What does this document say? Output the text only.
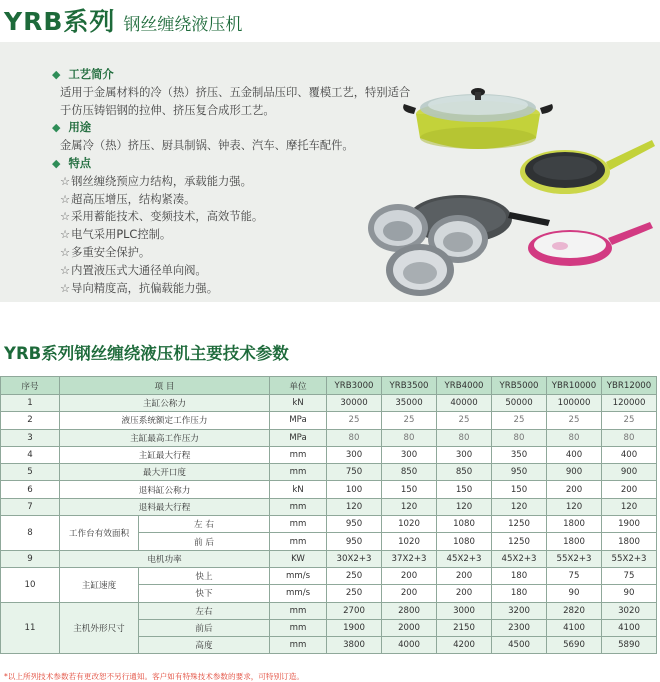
YRB系列 钢丝缠绕液压机
◆ 工艺简介
适用于金属材料的冷（热）挤压、五金制品压印、覆模工艺，特别适合
于仿压铸铝钢的拉伸、挤压复合成形工艺。
◆ 用途
金属冷（热）挤压、厨具制锅、钟表、汽车、摩托车配件。
◆ 特点
☆ 钢丝缠绕预应力结构，承载能力强。
☆ 超高压增压，结构紧凑。
☆ 采用蓄能技术、变频技术，高效节能。
☆ 电气采用PLC控制。
☆ 多重安全保护。
☆ 内置液压式大通径单向阀。
☆ 导向精度高，抗偏载能力强。
YRB系列钢丝缠绕液压机主要技术参数
序号	项 目		单位	YRB3000	YRB3500	YRB4000	YRB5000	YBR10000	YBR12000
1	主缸公称力		kN	30000	35000	40000	50000	100000	120000
2	液压系统额定工作压力		MPa	25	25	25	25	25	25
3	主缸最高工作压力		MPa	80	80	80	80	80	80
4	主缸最大行程		mm	300	300	300	350	400	400
5	最大开口度		mm	750	850	850	950	900	900
6	退料缸公称力		kN	100	150	150	150	200	200
7	退料最大行程		mm	120	120	120	120	120	120
8	工作台有效面积	左 右	mm	950	1020	1080	1250	1800	1900
		前 后	mm	950	1020	1080	1250	1800	1800
9	电机功率		KW	30X2+3	37X2+3	45X2+3	45X2+3	55X2+3	55X2+3
10	主缸速度	快上	mm/s	250	200	200	180	75	75
		快下	mm/s	250	200	200	180	90	90
11	主机外形尺寸	左右	mm	2700	2800	3000	3200	2820	3020
		前后	mm	1900	2000	2150	2300	4100	4100
		高度	mm	3800	4000	4200	4500	5690	5890
*以上所列技术参数若有更改恕不另行通知。客户如有特殊技术参数的要求，可特别订造。
